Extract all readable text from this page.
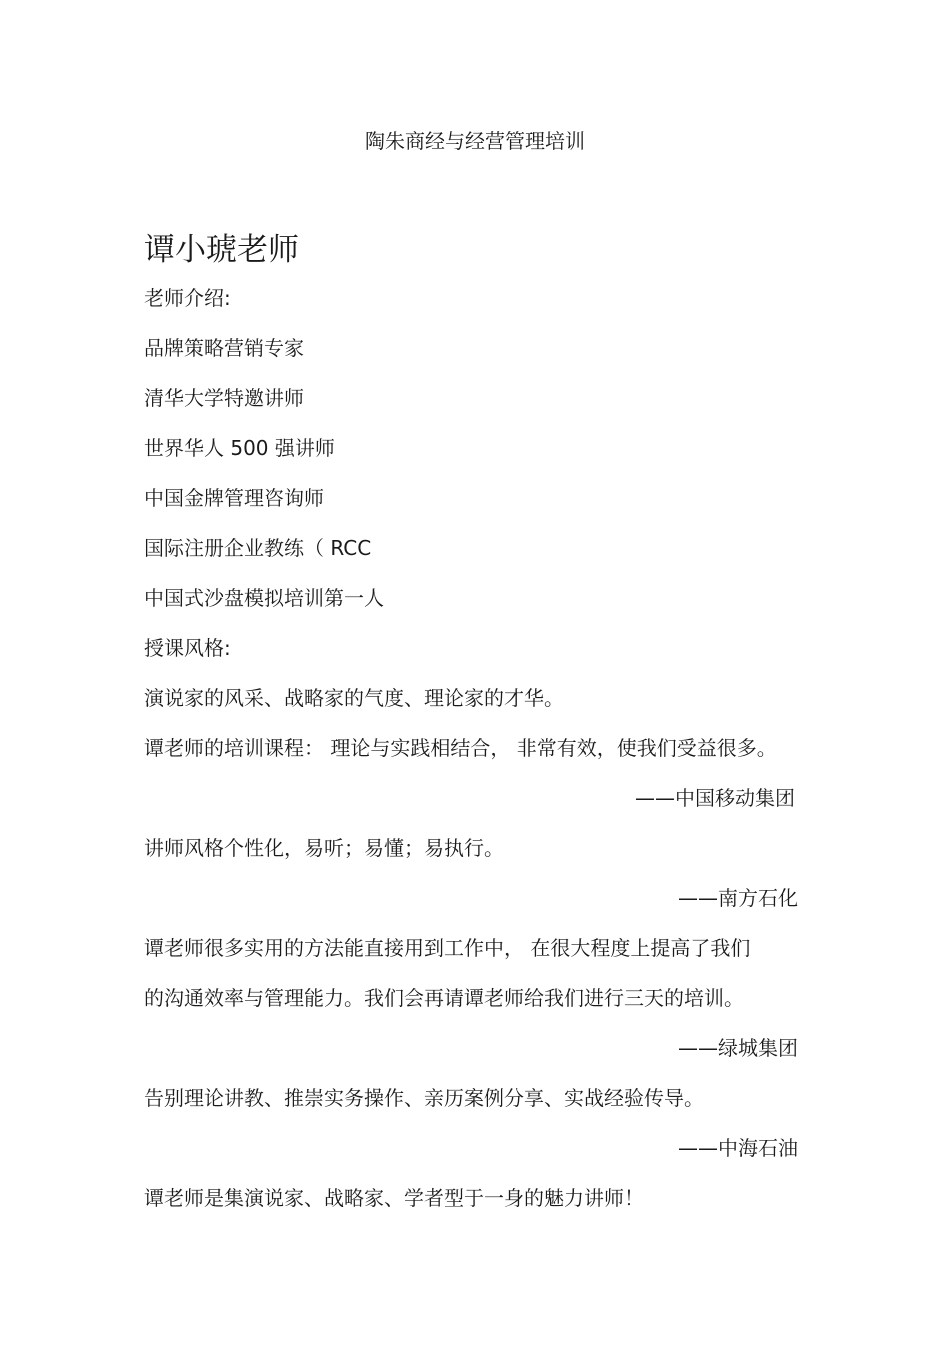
陶朱商经与经营管理培训
谭小琥老师
老师介绍:
品牌策略营销专家
清华大学特邀讲师
世界华人 500 强讲师
中国金牌管理咨询师
国际注册企业教练（ RCC
中国式沙盘模拟培训第一人
授课风格:
演说家的风采、战略家的气度、理论家的才华。
谭老师的培训课程： 理论与实践相结合， 非常有效，使我们受益很多。
——中国移动集团
讲师风格个性化，易听；易懂；易执行。
——南方石化
谭老师很多实用的方法能直接用到工作中， 在很大程度上提高了我们
的沟通效率与管理能力。我们会再请谭老师给我们进行三天的培训。
——绿城集团
告别理论讲教、推崇实务操作、亲历案例分享、实战经验传导。
——中海石油
谭老师是集演说家、战略家、学者型于一身的魅力讲师！
